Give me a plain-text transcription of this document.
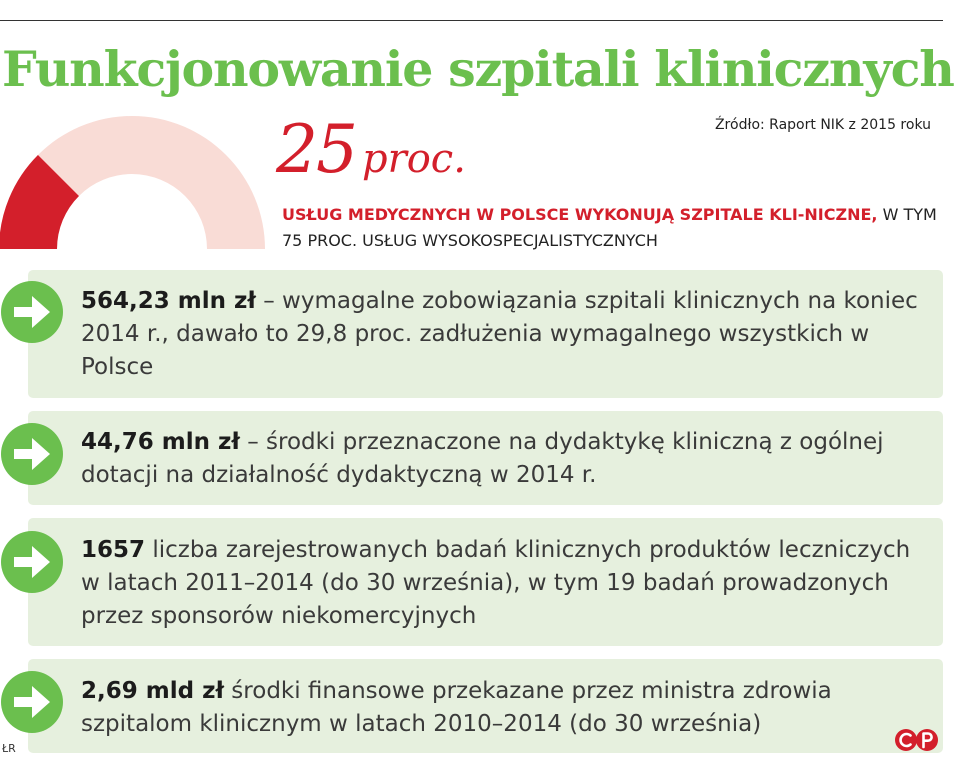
Funkcjonowanie szpitali klinicznych
Źródło: Raport NIK z 2015 roku
25 proc.
USŁUG MEDYCZNYCH W POLSCE WYKONUJĄ SZPITALE KLI-NICZNE, W TYM 75 PROC. USŁUG WYSOKOSPECJALISTYCZNYCH
564,23 mln zł – wymagalne zobowiązania szpitali klinicznych na koniec 2014 r., dawało to 29,8 proc. zadłużenia wymagalnego wszystkich w Polsce
44,76 mln zł – środki przeznaczone na dydaktykę kliniczną z ogólnej dotacji na działalność dydaktyczną w 2014 r.
1657 liczba zarejestrowanych badań klinicznych produktów leczniczych w latach 2011–2014 (do 30 września), w tym 19 badań prowadzonych przez sponsorów niekomercyjnych
2,69 mld zł środki finansowe przekazane przez ministra zdrowia szpitalom klinicznym w latach 2010–2014 (do 30 września)
ŁR
